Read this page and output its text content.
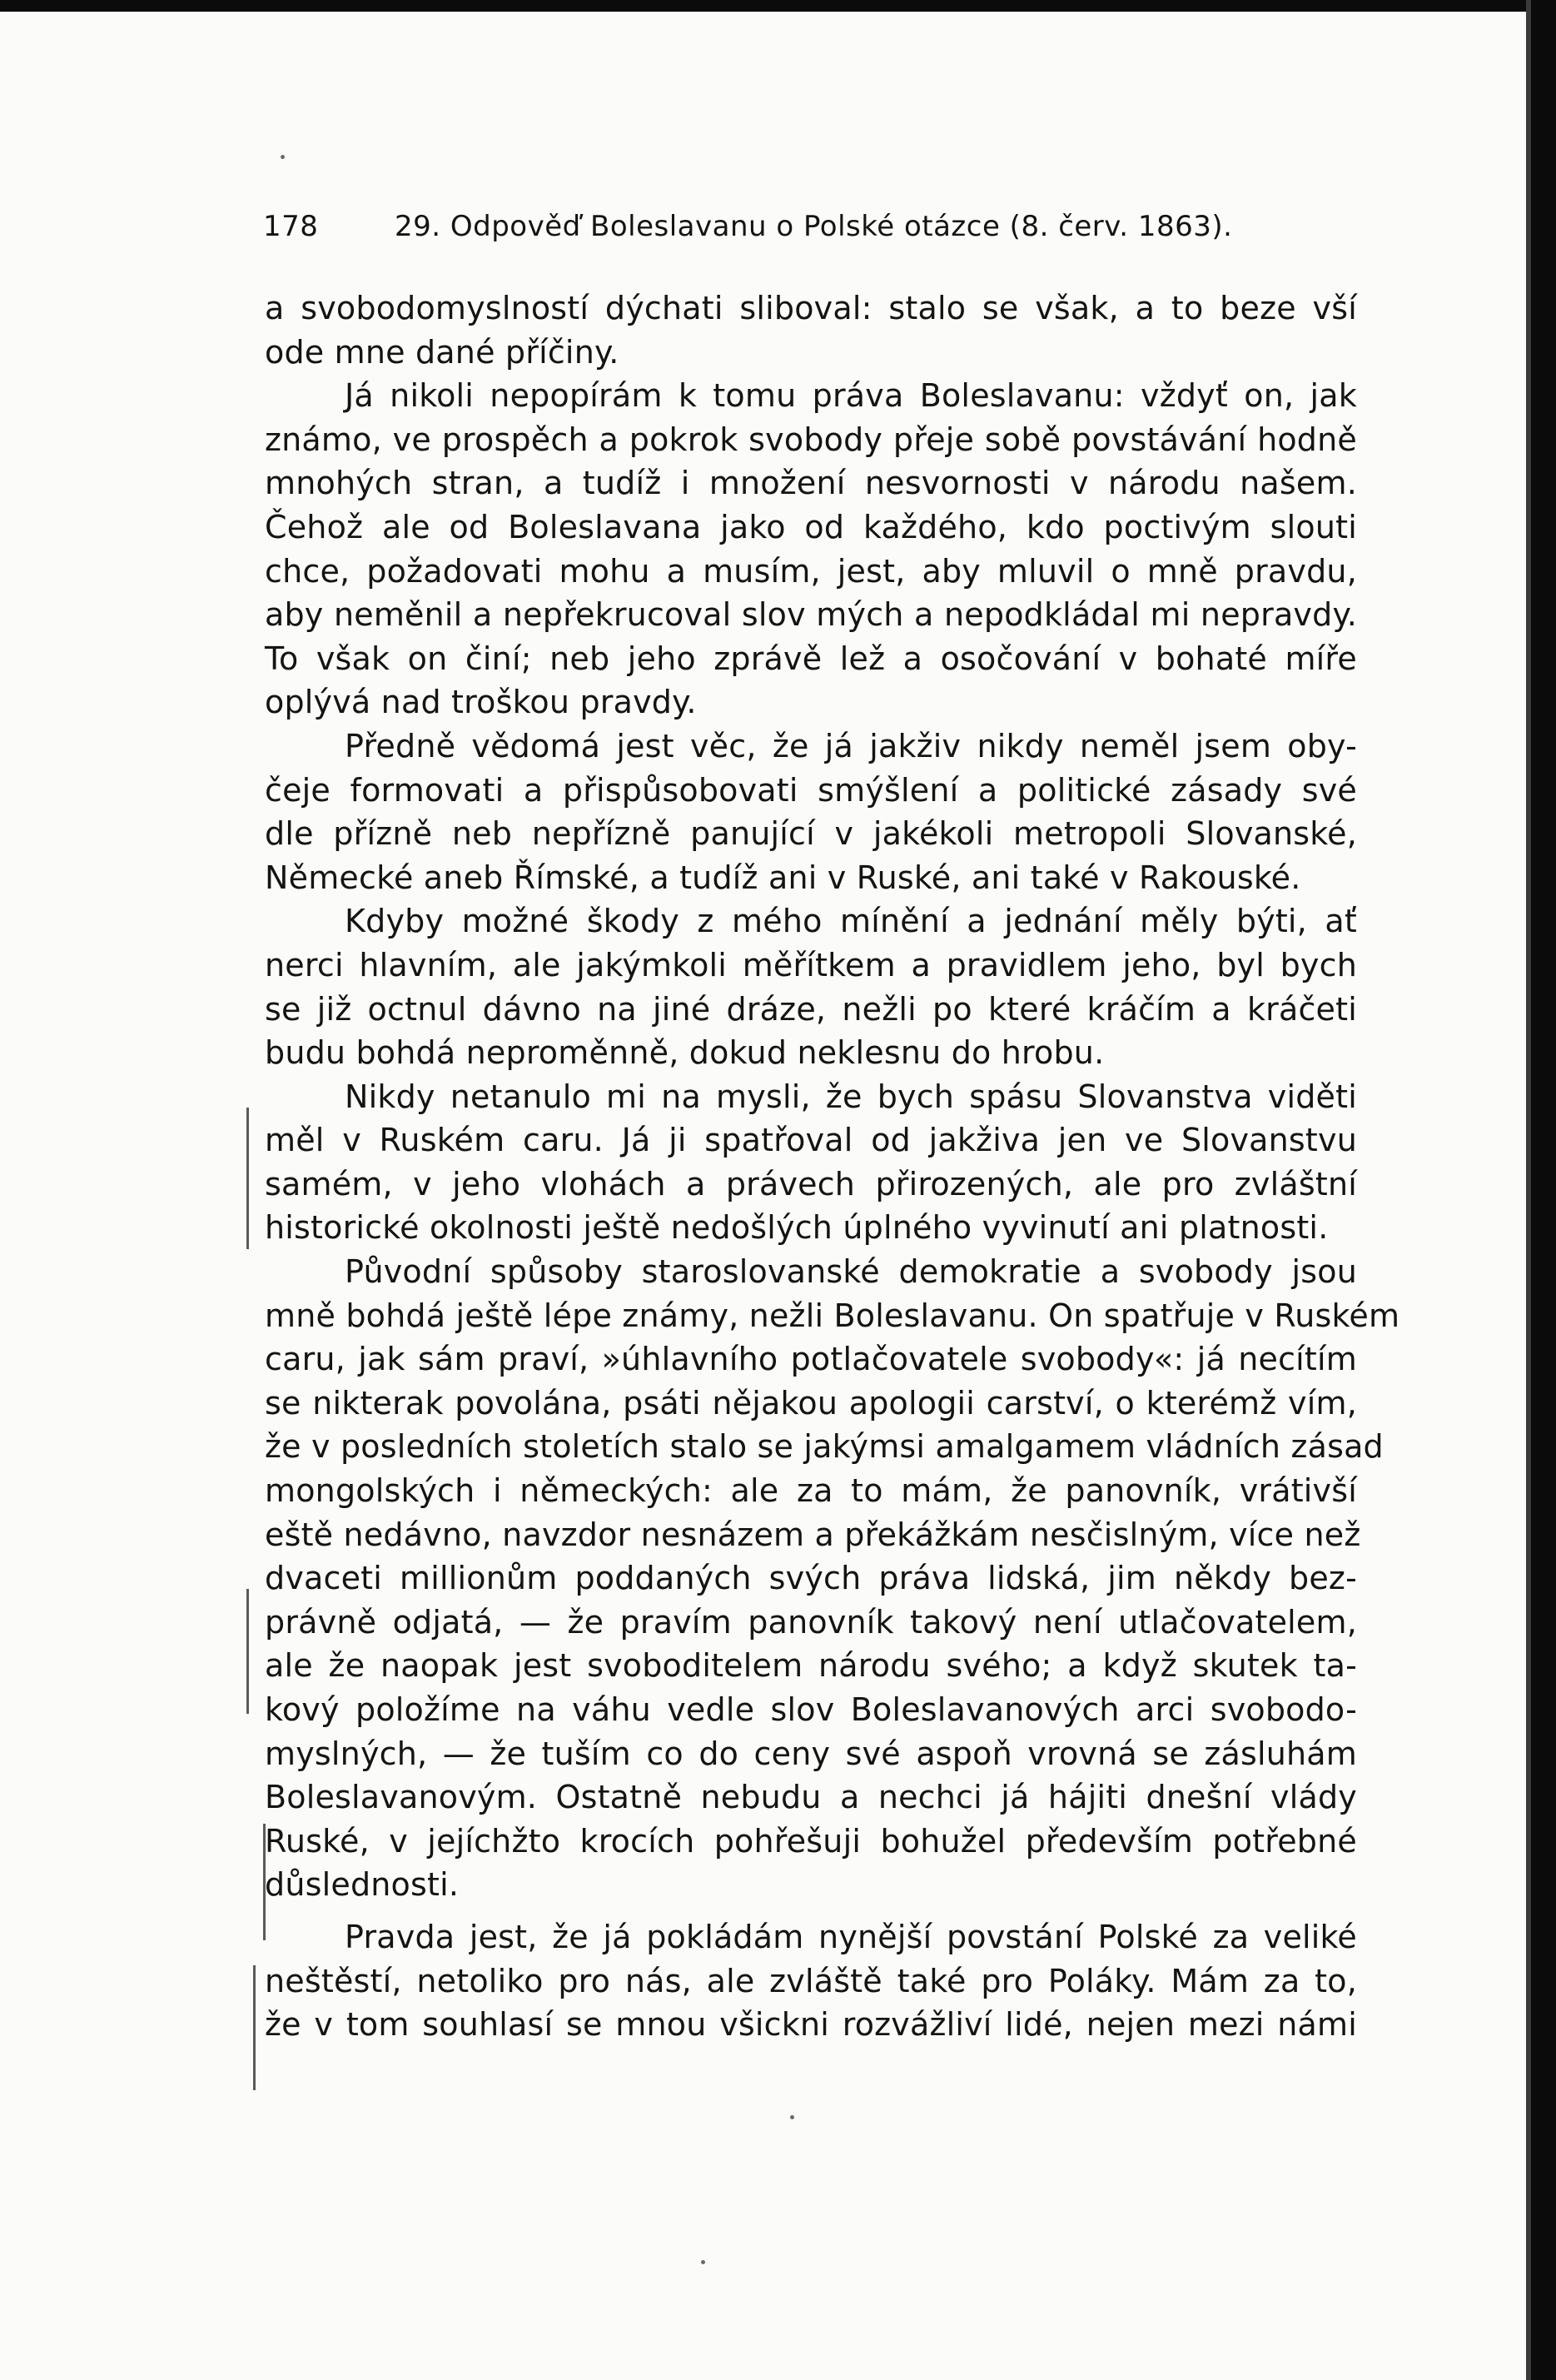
178	29. Odpověď Boleslavanu o Polské otázce (8. červ. 1863).
a svobodomyslností dýchati sliboval: stalo se však, a to beze vší
ode mne dané příčiny.
Já nikoli nepopírám k tomu práva Boleslavanu: vždyť on, jak
známo, ve prospěch a pokrok svobody přeje sobě povstávání hodně
mnohých stran, a tudíž i množení nesvornosti v národu našem.
Čehož ale od Boleslavana jako od každého, kdo poctivým slouti
chce, požadovati mohu a musím, jest, aby mluvil o mně pravdu,
aby neměnil a nepřekrucoval slov mých a nepodkládal mi nepravdy.
To však on činí; neb jeho zprávě lež a osočování v bohaté míře
oplývá nad troškou pravdy.
Předně vědomá jest věc, že já jakživ nikdy neměl jsem oby-
čeje formovati a přispůsobovati smýšlení a politické zásady své
dle přízně neb nepřízně panující v jakékoli metropoli Slovanské,
Německé aneb Římské, a tudíž ani v Ruské, ani také v Rakouské.
Kdyby možné škody z mého mínění a jednání měly býti, ať
nerci hlavním, ale jakýmkoli měřítkem a pravidlem jeho, byl bych
se již octnul dávno na jiné dráze, nežli po které kráčím a kráčeti
budu bohdá neproměnně, dokud neklesnu do hrobu.
Nikdy netanulo mi na mysli, že bych spásu Slovanstva viděti
měl v Ruském caru. Já ji spatřoval od jakživa jen ve Slovanstvu
samém, v jeho vlohách a právech přirozených, ale pro zvláštní
historické okolnosti ještě nedošlých úplného vyvinutí ani platnosti.
Původní spůsoby staroslovanské demokratie a svobody jsou
mně bohdá ještě lépe známy, nežli Boleslavanu. On spatřuje v Ruském
caru, jak sám praví, »úhlavního potlačovatele svobody«: já necítím
se nikterak povolána, psáti nějakou apologii carství, o kterémž vím,
že v posledních stoletích stalo se jakýmsi amalgamem vládních zásad
mongolských i německých: ale za to mám, že panovník, vrátivší
eště nedávno, navzdor nesnázem a překážkám nesčislným, více než
dvaceti millionům poddaných svých práva lidská, jim někdy bez-
právně odjatá, — že pravím panovník takový není utlačovatelem,
ale že naopak jest svoboditelem národu svého; a když skutek ta-
kový položíme na váhu vedle slov Boleslavanových arci svobodo-
myslných, — že tuším co do ceny své aspoň vrovná se zásluhám
Boleslavanovým. Ostatně nebudu a nechci já hájiti dnešní vlády
Ruské, v jejíchžto krocích pohřešuji bohužel především potřebné
důslednosti.
Pravda jest, že já pokládám nynější povstání Polské za veliké
neštěstí, netoliko pro nás, ale zvláště také pro Poláky. Mám za to,
že v tom souhlasí se mnou všickni rozvážliví lidé, nejen mezi námi
